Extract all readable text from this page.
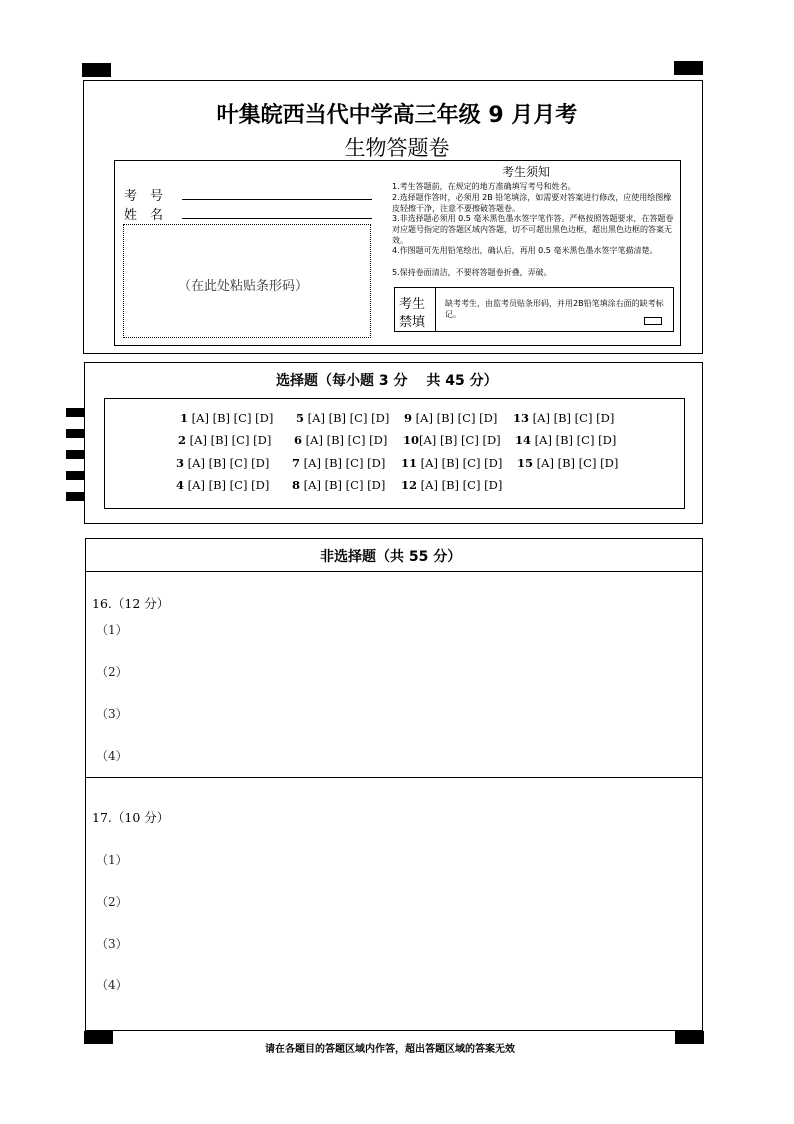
叶集皖西当代中学高三年级 9 月月考
生物答题卷
考　号
姓　名
（在此处粘贴条形码）
考生须知
1.考生答题前，在规定的地方准确填写考号和姓名。
2.选择题作答时，必须用 2B 铅笔填涂，如需要对答案进行修改，应使用绘图橡皮轻擦干净，注意不要擦破答题卷。
3.非选择题必须用 0.5 毫米黑色墨水签字笔作答。严格按照答题要求，在答题卷对应题号指定的答题区域内答题，切不可超出黑色边框，超出黑色边框的答案无效。
4.作图题可先用铅笔绘出，确认后，再用 0.5 毫米黑色墨水签字笔描清楚。
5.保持卷面清洁，不要将答题卷折叠，弄破。
考生
禁填
缺考考生，由监考员贴条形码，并用2B铅笔填涂右面的缺考标记。
选择题（每小题 3 分　 共 45 分）
1 [A] [B] [C] [D]
2 [A] [B] [C] [D]
3 [A] [B] [C] [D]
4 [A] [B] [C] [D]
5 [A] [B] [C] [D]
6 [A] [B] [C] [D]
7 [A] [B] [C] [D]
8 [A] [B] [C] [D]
9 [A] [B] [C] [D]
10[A] [B] [C] [D]
11 [A] [B] [C] [D]
12 [A] [B] [C] [D]
13 [A] [B] [C] [D]
14 [A] [B] [C] [D]
15 [A] [B] [C] [D]
非选择题（共 55 分）
16.（12 分）
（1）
（2）
（3）
（4）
17.（10 分）
（1）
（2）
（3）
（4）
请在各题目的答题区域内作答，超出答题区域的答案无效
